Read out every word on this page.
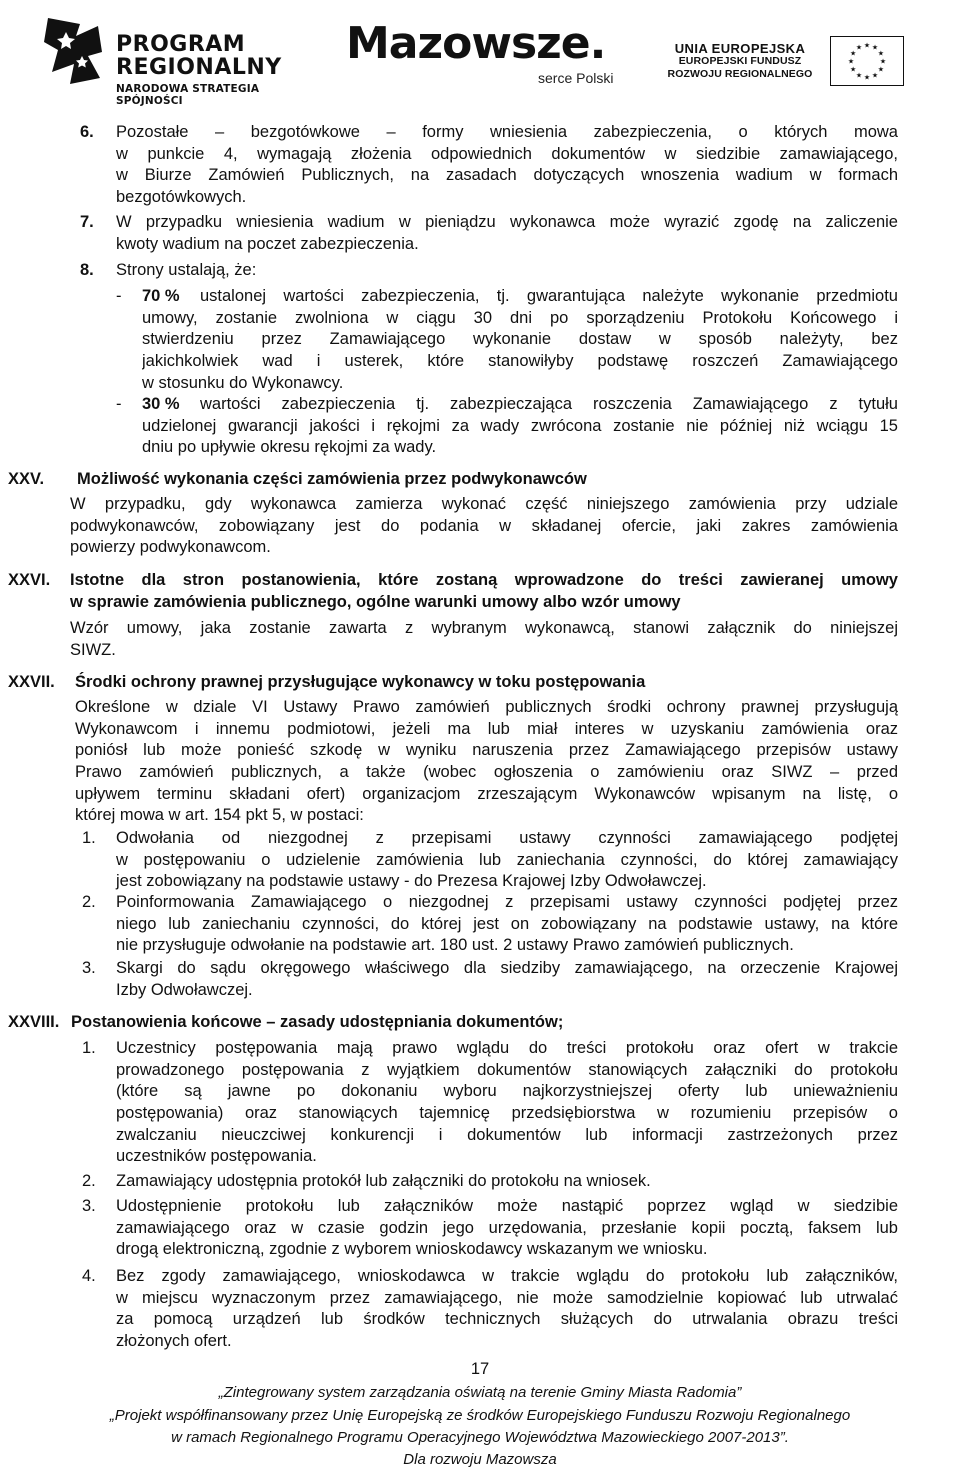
PROGRAM
REGIONALNY
NARODOWA STRATEGIA SPÓJNOŚCI
Mazowsze.
serce Polski
UNIA EUROPEJSKA
EUROPEJSKI FUNDUSZ
ROZWOJU REGIONALNEGO
★
★
★
★
★
★
★
★
★ ★ ★
★
6. Pozostałe – bezgotówkowe – formy wniesienia zabezpieczenia, o których mowa
w punkcie 4, wymagają złożenia odpowiednich dokumentów w siedzibie zamawiającego,
w Biurze Zamówień Publicznych, na zasadach dotyczących wnoszenia wadium w formach
bezgotówkowych.
7. W przypadku wniesienia wadium w pieniądzu wykonawca może wyrazić zgodę na zaliczenie
kwoty wadium na poczet zabezpieczenia.
8. Strony ustalają, że:
- 70 % ustalonej wartości zabezpieczenia, tj. gwarantująca należyte wykonanie przedmiotu
umowy, zostanie zwolniona w ciągu 30 dni po sporządzeniu Protokołu Końcowego i
stwierdzeniu przez Zamawiającego wykonanie dostaw w sposób należyty, bez
jakichkolwiek wad i usterek, które stanowiłyby podstawę roszczeń Zamawiającego
w stosunku do Wykonawcy.
- 30 % wartości zabezpieczenia tj. zabezpieczająca roszczenia Zamawiającego z tytułu
udzielonej gwarancji jakości i rękojmi za wady zwrócona zostanie nie później niż wciągu 15
dniu po upływie okresu rękojmi za wady.
XXV. Możliwość wykonania części zamówienia przez podwykonawców
W przypadku, gdy wykonawca zamierza wykonać część niniejszego zamówienia przy udziale
podwykonawców, zobowiązany jest do podania w składanej ofercie, jaki zakres zamówienia
powierzy podwykonawcom.
XXVI. Istotne dla stron postanowienia, które zostaną wprowadzone do treści zawieranej umowy
w sprawie zamówienia publicznego, ogólne warunki umowy albo wzór umowy
Wzór umowy, jaka zostanie zawarta z wybranym wykonawcą, stanowi załącznik do niniejszej
SIWZ.
XXVII. Środki ochrony prawnej przysługujące wykonawcy w toku postępowania
Określone w dziale VI Ustawy Prawo zamówień publicznych środki ochrony prawnej przysługują
Wykonawcom i innemu podmiotowi, jeżeli ma lub miał interes w uzyskaniu zamówienia oraz
poniósł lub może ponieść szkodę w wyniku naruszenia przez Zamawiającego przepisów ustawy
Prawo zamówień publicznych, a także (wobec ogłoszenia o zamówieniu oraz SIWZ – przed
upływem terminu składani ofert) organizacjom zrzeszającym Wykonawców wpisanym na listę, o
której mowa w art. 154 pkt 5, w postaci:
1. Odwołania od niezgodnej z przepisami ustawy czynności zamawiającego podjętej
w postępowaniu o udzielenie zamówienia lub zaniechania czynności, do której zamawiający
jest zobowiązany na podstawie ustawy - do Prezesa Krajowej Izby Odwoławczej.
2. Poinformowania Zamawiającego o niezgodnej z przepisami ustawy czynności podjętej przez
niego lub zaniechaniu czynności, do której jest on zobowiązany na podstawie ustawy, na które
nie przysługuje odwołanie na podstawie art. 180 ust. 2 ustawy Prawo zamówień publicznych.
3. Skargi do sądu okręgowego właściwego dla siedziby zamawiającego, na orzeczenie Krajowej
Izby Odwoławczej.
XXVIII. Postanowienia końcowe – zasady udostępniania dokumentów;
1. Uczestnicy postępowania mają prawo wglądu do treści protokołu oraz ofert w trakcie
prowadzonego postępowania z wyjątkiem dokumentów stanowiących załączniki do protokołu
(które są jawne po dokonaniu wyboru najkorzystniejszej oferty lub unieważnieniu
postępowania) oraz stanowiących tajemnicę przedsiębiorstwa w rozumieniu przepisów o
zwalczaniu nieuczciwej konkurencji i dokumentów lub informacji zastrzeżonych przez
uczestników postępowania.
2. Zamawiający udostępnia protokół lub załączniki do protokołu na wniosek.
3. Udostępnienie protokołu lub załączników może nastąpić poprzez wgląd w siedzibie
zamawiającego oraz w czasie godzin jego urzędowania, przesłanie kopii pocztą, faksem lub
drogą elektroniczną, zgodnie z wyborem wnioskodawcy wskazanym we wniosku.
4. Bez zgody zamawiającego, wnioskodawca w trakcie wglądu do protokołu lub załączników,
w miejscu wyznaczonym przez zamawiającego, nie może samodzielnie kopiować lub utrwalać
za pomocą urządzeń lub środków technicznych służących do utrwalania obrazu treści
złożonych ofert.
17
„Zintegrowany system zarządzania oświatą na terenie Gminy Miasta Radomia”
„Projekt współfinansowany przez Unię Europejską ze środków Europejskiego Funduszu Rozwoju Regionalnego
w ramach Regionalnego Programu Operacyjnego Województwa Mazowieckiego 2007-2013”.
Dla rozwoju Mazowsza
